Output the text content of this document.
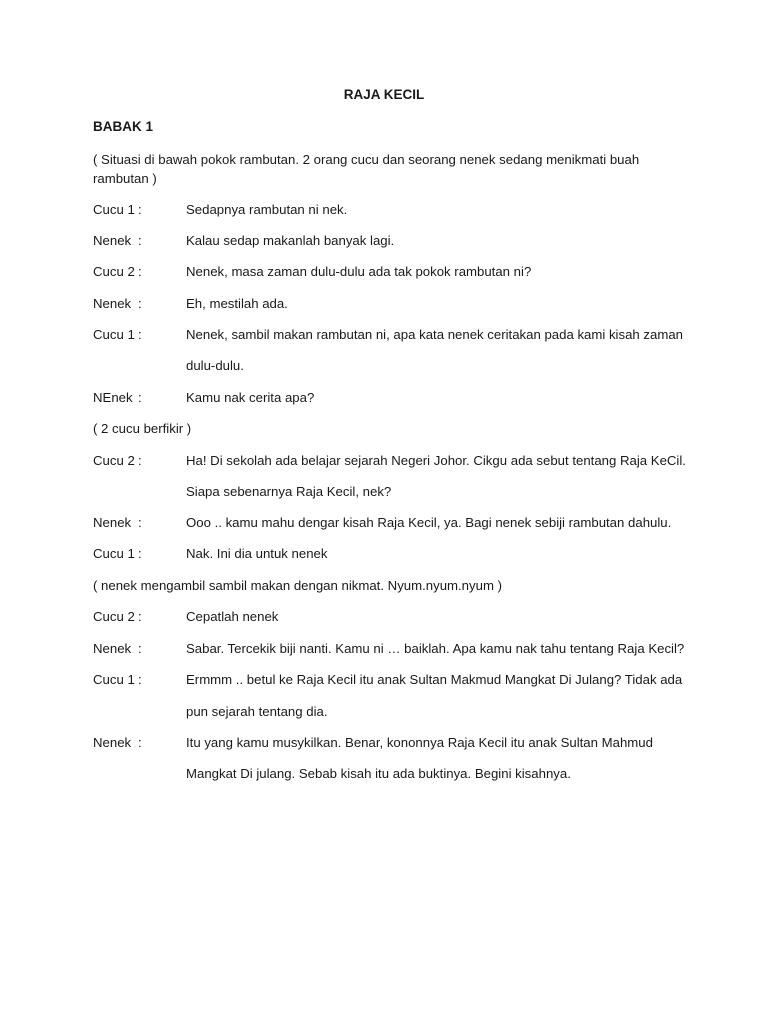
RAJA KECIL
BABAK 1
( Situasi di bawah pokok rambutan. 2 orang cucu dan seorang nenek sedang menikmati buah
rambutan )
Cucu 1 :	Sedapnya rambutan ni nek.
Nenek :	Kalau sedap makanlah banyak lagi.
Cucu 2 :	Nenek, masa zaman dulu-dulu ada tak pokok rambutan ni?
Nenek :	Eh, mestilah ada.
Cucu 1 :	Nenek, sambil makan rambutan ni, apa kata nenek ceritakan pada kami kisah zaman
dulu-dulu.
NEnek :	Kamu nak cerita apa?
( 2 cucu berfikir )
Cucu 2 :	Ha! Di sekolah ada belajar sejarah Negeri Johor. Cikgu ada sebut tentang Raja KeCil.
Siapa sebenarnya Raja Kecil, nek?
Nenek :	Ooo .. kamu mahu dengar kisah Raja Kecil, ya. Bagi nenek sebiji rambutan dahulu.
Cucu 1 :	Nak. Ini dia untuk nenek
( nenek mengambil sambil makan dengan nikmat. Nyum.nyum.nyum )
Cucu 2 :	Cepatlah nenek
Nenek :	Sabar. Tercekik biji nanti. Kamu ni … baiklah. Apa kamu nak tahu tentang Raja Kecil?
Cucu 1 :	Ermmm .. betul ke Raja Kecil itu anak Sultan Makmud Mangkat Di Julang? Tidak ada
pun sejarah tentang dia.
Nenek :	Itu yang kamu musykilkan. Benar, kononnya Raja Kecil itu anak Sultan Mahmud
Mangkat Di julang. Sebab kisah itu ada buktinya. Begini kisahnya.
